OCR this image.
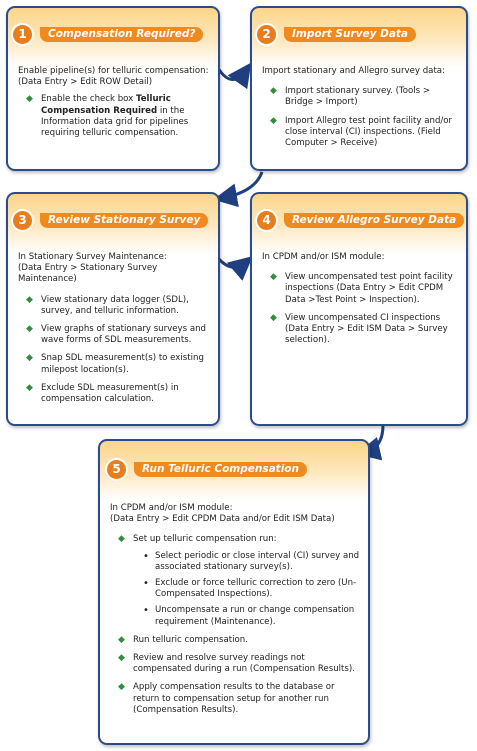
1	Compensation Required?

Enable pipeline(s) for telluric compensation:

(Data Entry > Edit ROW Detail)

◆ Enable the check box Telluric Compensation Required in the Information data grid for pipelines requiring telluric compensation.
2	Import Survey Data

Import stationary and Allegro survey data:

◆ Import stationary survey. (Tools > Bridge > Import)
◆ Import Allegro test point facility and/or close interval (CI) inspections. (Field Computer > Receive)
3	Review Stationary Survey

In Stationary Survey Maintenance:

(Data Entry > Stationary Survey Maintenance)

◆ View stationary data logger (SDL), survey, and telluric information.
◆ View graphs of stationary surveys and wave forms of SDL measurements.
◆ Snap SDL measurement(s) to existing milepost location(s).
◆ Exclude SDL measurement(s) in compensation calculation.
4	Review Allegro Survey Data

In CPDM and/or ISM module:

◆ View uncompensated test point facility inspections (Data Entry > Edit CPDM Data >Test Point > Inspection).
◆ View uncompensated CI inspections (Data Entry > Edit ISM Data > Survey selection).
5	Run Telluric Compensation

In CPDM and/or ISM module:

(Data Entry > Edit CPDM Data and/or Edit ISM Data)

◆ Set up telluric compensation run:
• Select periodic or close interval (CI) survey and associated stationary survey(s).
• Exclude or force telluric correction to zero (Un-Compensated Inspections).
• Uncompensate a run or change compensation requirement (Maintenance).
◆ Run telluric compensation.
◆ Review and resolve survey readings not compensated during a run (Compensation Results).
◆ Apply compensation results to the database or return to compensation setup for another run (Compensation Results).
